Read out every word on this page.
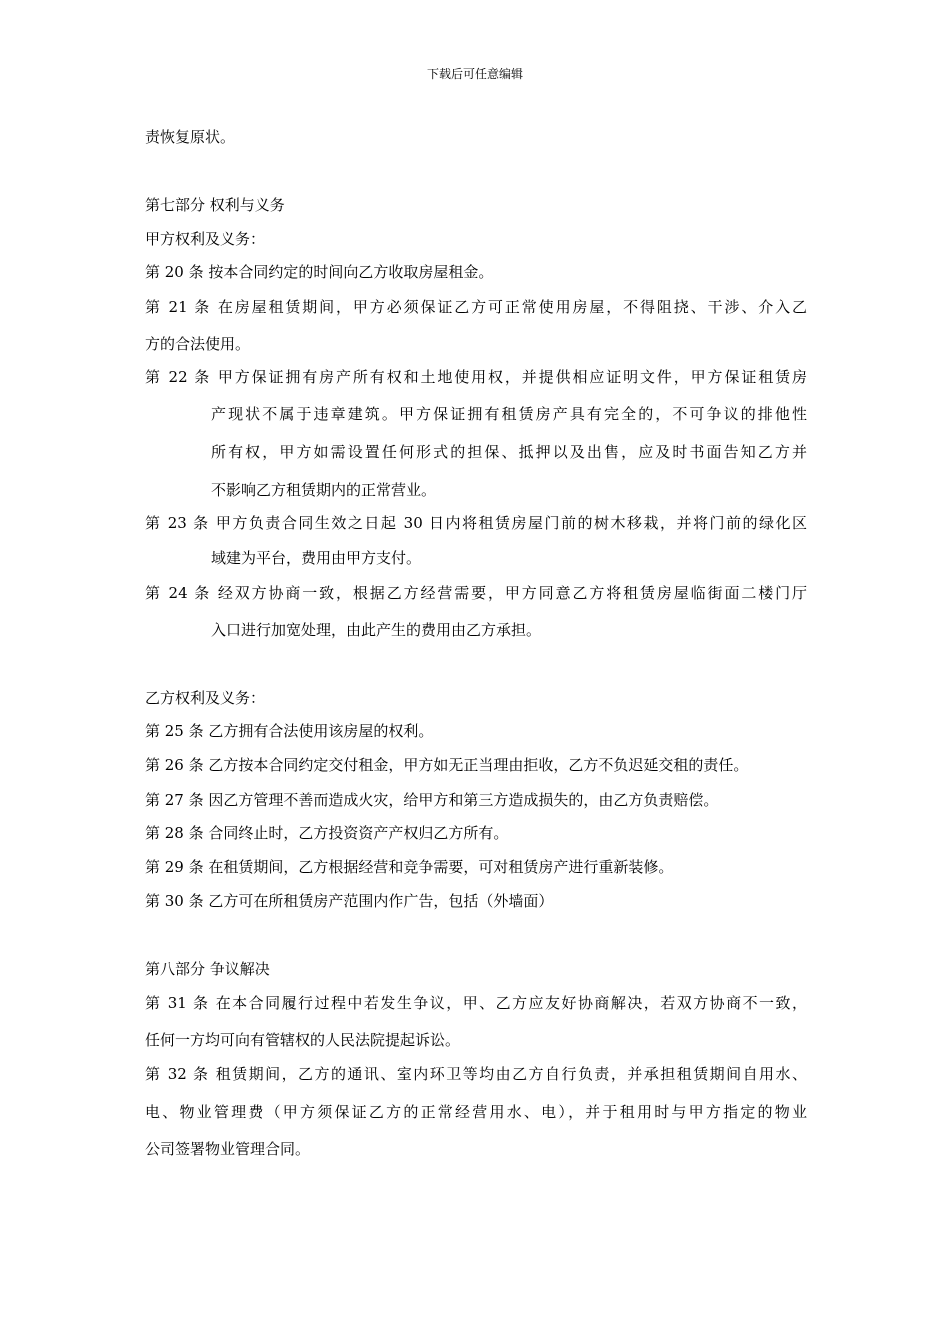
下载后可任意编辑
责恢复原状。
第七部分 权利与义务
甲方权利及义务：
第 20 条 按本合同约定的时间向乙方收取房屋租金。
第 21 条 在房屋租赁期间，甲方必须保证乙方可正常使用房屋，不得阻挠、干涉、介入乙
方的合法使用。
第 22 条 甲方保证拥有房产所有权和土地使用权，并提供相应证明文件，甲方保证租赁房
产现状不属于违章建筑。甲方保证拥有租赁房产具有完全的，不可争议的排他性
所有权，甲方如需设置任何形式的担保、抵押以及出售，应及时书面告知乙方并
不影响乙方租赁期内的正常营业。
第 23 条 甲方负责合同生效之日起 30 日内将租赁房屋门前的树木移栽，并将门前的绿化区
域建为平台，费用由甲方支付。
第 24 条 经双方协商一致，根据乙方经营需要，甲方同意乙方将租赁房屋临街面二楼门厅
入口进行加宽处理，由此产生的费用由乙方承担。
乙方权利及义务：
第 25 条 乙方拥有合法使用该房屋的权利。
第 26 条 乙方按本合同约定交付租金，甲方如无正当理由拒收，乙方不负迟延交租的责任。
第 27 条 因乙方管理不善而造成火灾，给甲方和第三方造成损失的，由乙方负责赔偿。
第 28 条 合同终止时，乙方投资资产产权归乙方所有。
第 29 条 在租赁期间，乙方根据经营和竞争需要，可对租赁房产进行重新装修。
第 30 条 乙方可在所租赁房产范围内作广告，包括（外墙面）
第八部分 争议解决
第 31 条 在本合同履行过程中若发生争议，甲、乙方应友好协商解决，若双方协商不一致，
任何一方均可向有管辖权的人民法院提起诉讼。
第 32 条 租赁期间，乙方的通讯、室内环卫等均由乙方自行负责，并承担租赁期间自用水、
电、物业管理费（甲方须保证乙方的正常经营用水、电），并于租用时与甲方指定的物业
公司签署物业管理合同。
